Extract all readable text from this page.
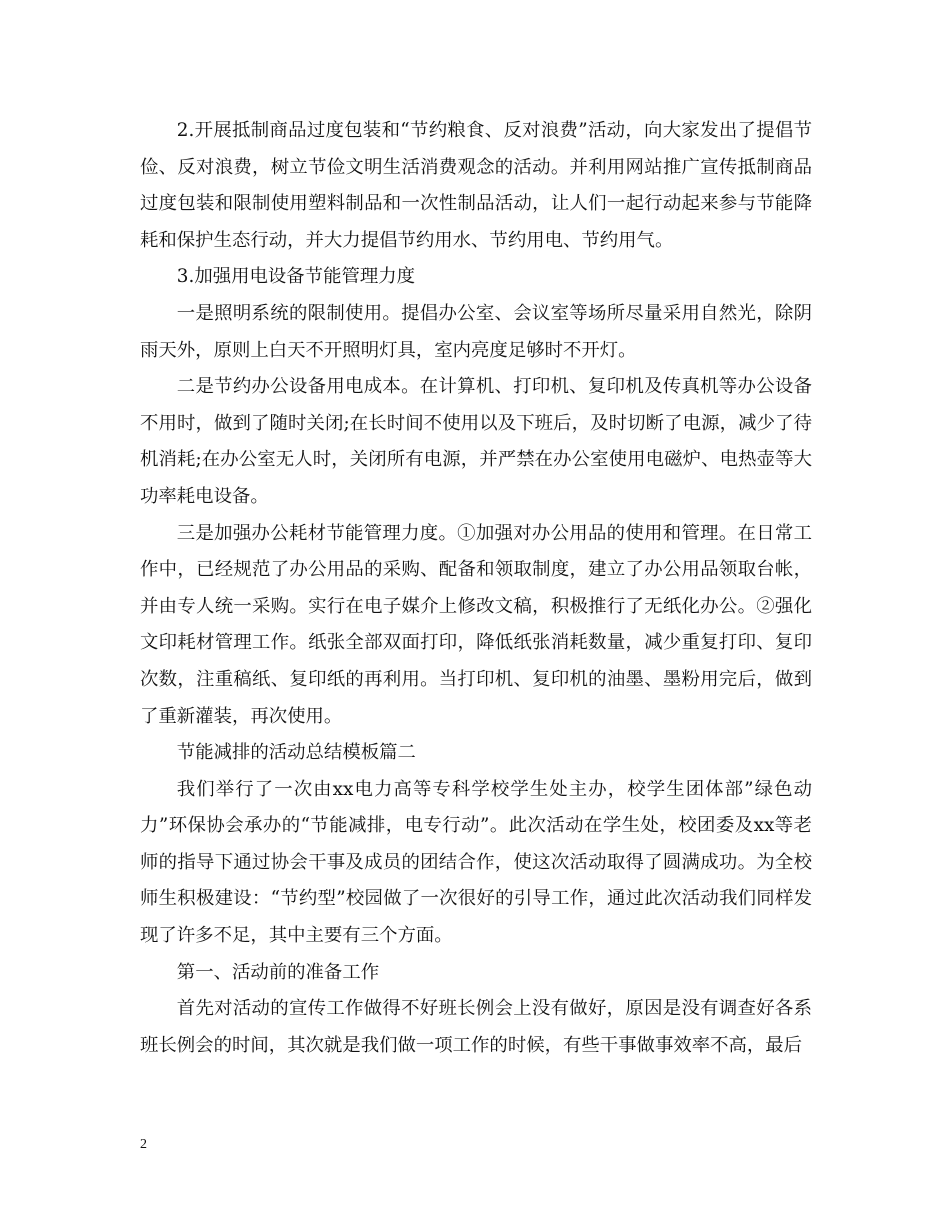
2.开展抵制商品过度包装和“节约粮食、反对浪费”活动，向大家发出了提倡节俭、反对浪费，树立节俭文明生活消费观念的活动。并利用网站推广宣传抵制商品过度包装和限制使用塑料制品和一次性制品活动，让人们一起行动起来参与节能降耗和保护生态行动，并大力提倡节约用水、节约用电、节约用气。

3.加强用电设备节能管理力度

一是照明系统的限制使用。提倡办公室、会议室等场所尽量采用自然光，除阴雨天外，原则上白天不开照明灯具，室内亮度足够时不开灯。

二是节约办公设备用电成本。在计算机、打印机、复印机及传真机等办公设备不用时，做到了随时关闭;在长时间不使用以及下班后，及时切断了电源，减少了待机消耗;在办公室无人时，关闭所有电源，并严禁在办公室使用电磁炉、电热壶等大功率耗电设备。

三是加强办公耗材节能管理力度。①加强对办公用品的使用和管理。在日常工作中，已经规范了办公用品的采购、配备和领取制度，建立了办公用品领取台帐，并由专人统一采购。实行在电子媒介上修改文稿，积极推行了无纸化办公。②强化文印耗材管理工作。纸张全部双面打印，降低纸张消耗数量，减少重复打印、复印次数，注重稿纸、复印纸的再利用。当打印机、复印机的油墨、墨粉用完后，做到了重新灌装，再次使用。

节能减排的活动总结模板篇二

我们举行了一次由xx电力高等专科学校学生处主办，校学生团体部”绿色动力”环保协会承办的“节能减排，电专行动”。此次活动在学生处，校团委及xx等老师的指导下通过协会干事及成员的团结合作，使这次活动取得了圆满成功。为全校师生积极建设：“节约型”校园做了一次很好的引导工作，通过此次活动我们同样发现了许多不足，其中主要有三个方面。

第一、活动前的准备工作

首先对活动的宣传工作做得不好班长例会上没有做好，原因是没有调查好各系班长例会的时间，其次就是我们做一项工作的时候，有些干事做事效率不高，最后

2
